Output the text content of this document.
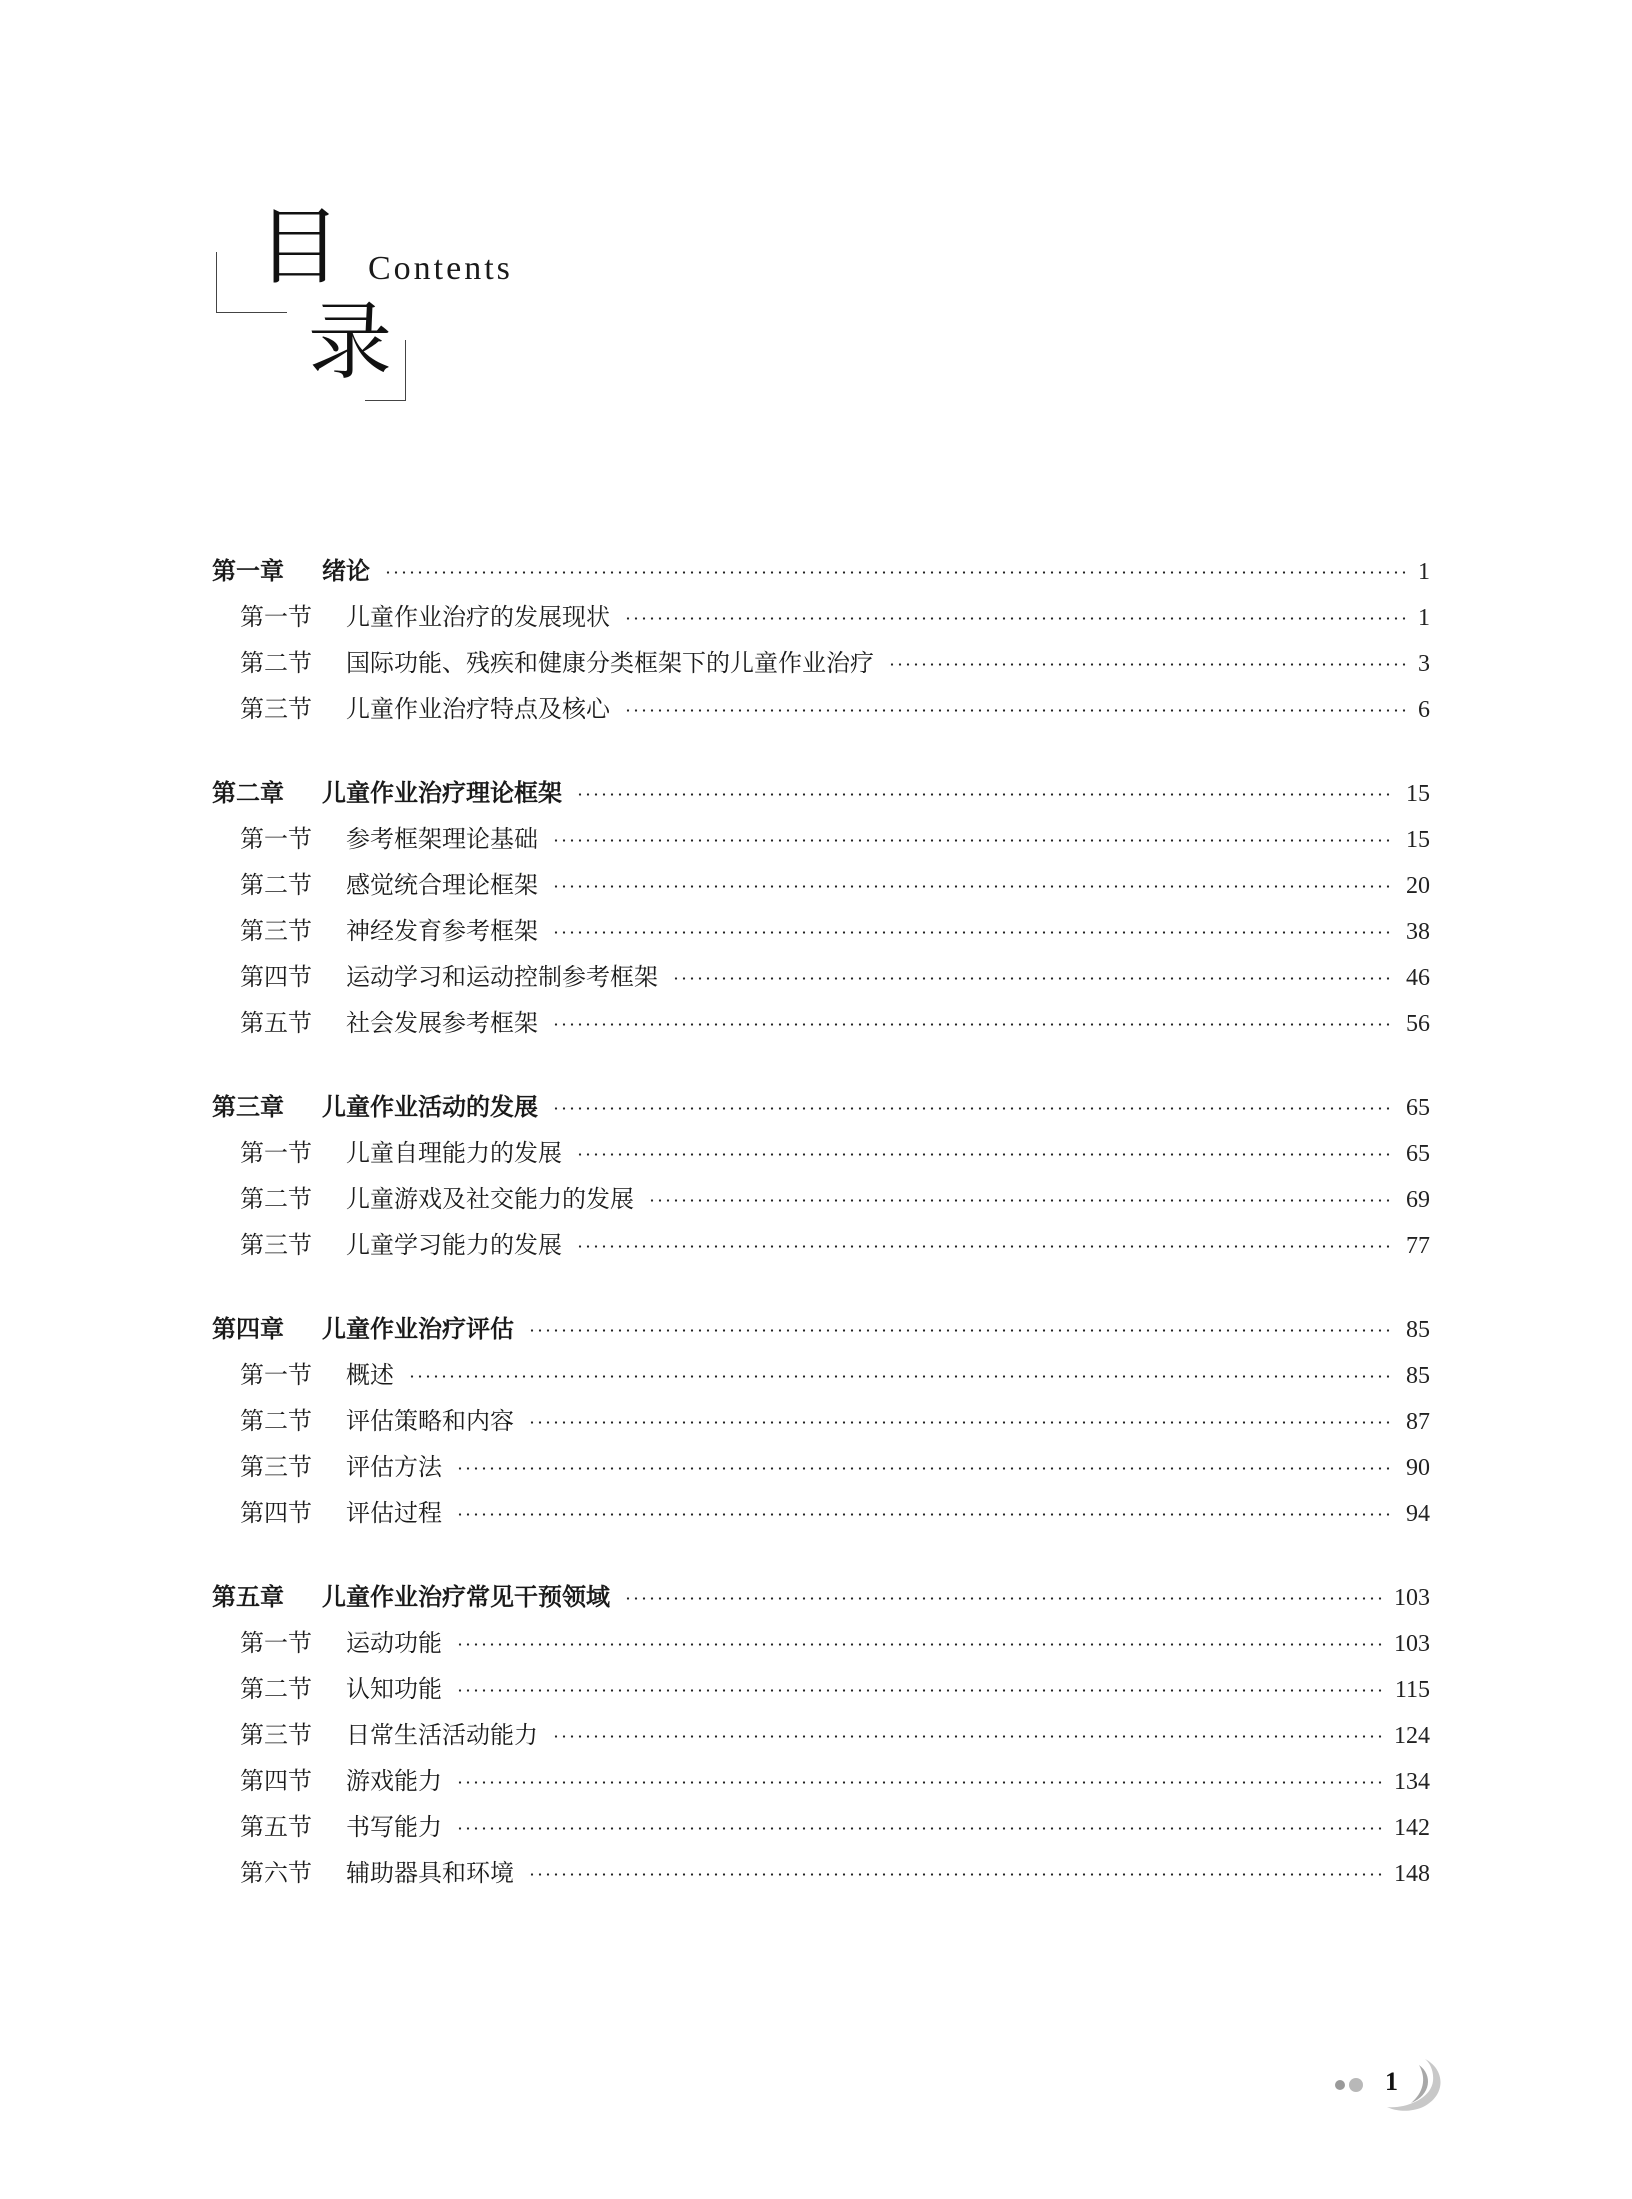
目 Contents
录
第一章	绪论	1
第一节	儿童作业治疗的发展现状	1
第二节	国际功能、残疾和健康分类框架下的儿童作业治疗	3
第三节	儿童作业治疗特点及核心	6
第二章	儿童作业治疗理论框架	15
第一节	参考框架理论基础	15
第二节	感觉统合理论框架	20
第三节	神经发育参考框架	38
第四节	运动学习和运动控制参考框架	46
第五节	社会发展参考框架	56
第三章	儿童作业活动的发展	65
第一节	儿童自理能力的发展	65
第二节	儿童游戏及社交能力的发展	69
第三节	儿童学习能力的发展	77
第四章	儿童作业治疗评估	85
第一节	概述	85
第二节	评估策略和内容	87
第三节	评估方法	90
第四节	评估过程	94
第五章	儿童作业治疗常见干预领域	103
第一节	运动功能	103
第二节	认知功能	115
第三节	日常生活活动能力	124
第四节	游戏能力	134
第五节	书写能力	142
第六节	辅助器具和环境	148
1
